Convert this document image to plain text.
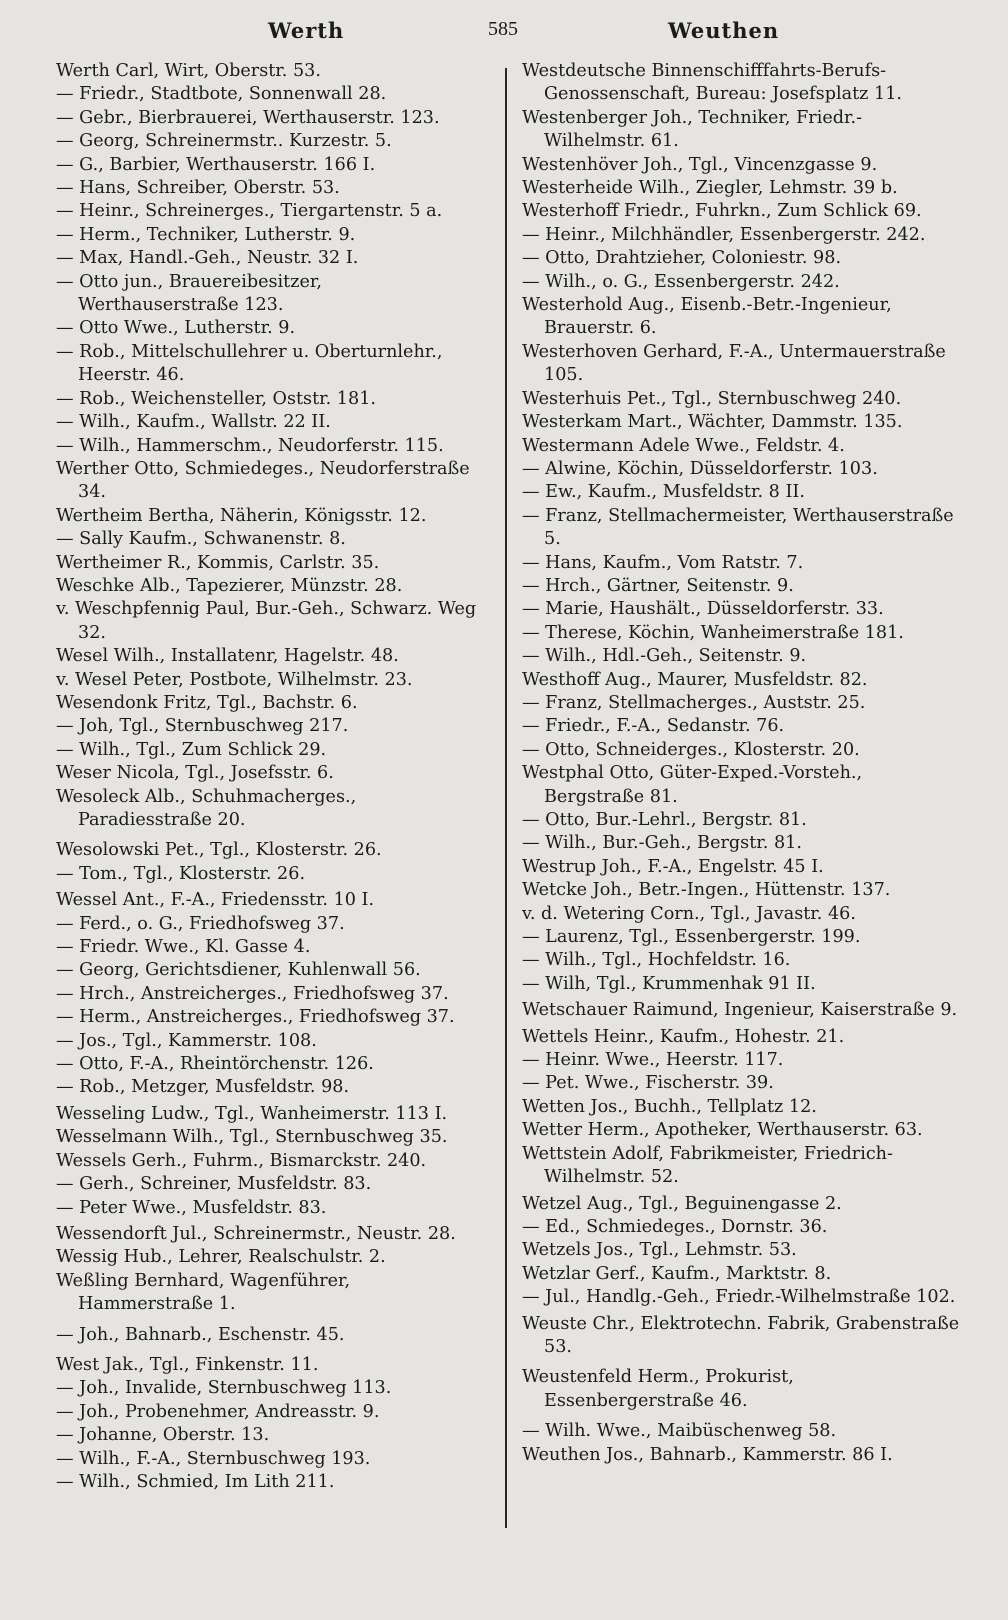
Werth	585	Weuthen

Werth Carl, Wirt, Oberstr. 53.

— Friedr., Stadtbote, Sonnenwall 28.

— Gebr., Bierbrauerei, Werthauserstr. 123.

— Georg, Schreinermstr.. Kurzestr. 5.

— G., Barbier, Werthauserstr. 166 I.

— Hans, Schreiber, Oberstr. 53.

— Heinr., Schreinerges., Tiergartenstr. 5 a.

— Herm., Techniker, Lutherstr. 9.

— Max, Handl.-Geh., Neustr. 32 I.

— Otto jun., Brauereibesitzer, Werthauserstraße 123.

— Otto Wwe., Lutherstr. 9.

— Rob., Mittelschullehrer u. Oberturnlehr., Heerstr. 46.

— Rob., Weichensteller, Oststr. 181.

— Wilh., Kaufm., Wallstr. 22 II.

— Wilh., Hammerschm., Neudorferstr. 115.

Werther Otto, Schmiedeges., Neudorferstraße 34.

Wertheim Bertha, Näherin, Königsstr. 12.

— Sally Kaufm., Schwanenstr. 8.

Wertheimer R., Kommis, Carlstr. 35.

Weschke Alb., Tapezierer, Münzstr. 28.

v. Weschpfennig Paul, Bur.-Geh., Schwarz. Weg 32.

Wesel Wilh., Installatenr, Hagelstr. 48.

v. Wesel Peter, Postbote, Wilhelmstr. 23.

Wesendonk Fritz, Tgl., Bachstr. 6.

— Joh, Tgl., Sternbuschweg 217.

— Wilh., Tgl., Zum Schlick 29.

Weser Nicola, Tgl., Josefsstr. 6.

Wesoleck Alb., Schuhmacherges., Paradiesstraße 20.

Wesolowski Pet., Tgl., Klosterstr. 26.

— Tom., Tgl., Klosterstr. 26.

Wessel Ant., F.-A., Friedensstr. 10 I.

— Ferd., o. G., Friedhofsweg 37.

— Friedr. Wwe., Kl. Gasse 4.

— Georg, Gerichtsdiener, Kuhlenwall 56.

— Hrch., Anstreicherges., Friedhofsweg 37.

— Herm., Anstreicherges., Friedhofsweg 37.

— Jos., Tgl., Kammerstr. 108.

— Otto, F.-A., Rheintörchenstr. 126.

— Rob., Metzger, Musfeldstr. 98.

Wesseling Ludw., Tgl., Wanheimerstr. 113 I.

Wesselmann Wilh., Tgl., Sternbuschweg 35.

Wessels Gerh., Fuhrm., Bismarckstr. 240.

— Gerh., Schreiner, Musfeldstr. 83.

— Peter Wwe., Musfeldstr. 83.

Wessendorft Jul., Schreinermstr., Neustr. 28.

Wessig Hub., Lehrer, Realschulstr. 2.

Weßling Bernhard, Wagenführer, Hammerstraße 1.

— Joh., Bahnarb., Eschenstr. 45.

West Jak., Tgl., Finkenstr. 11.

— Joh., Invalide, Sternbuschweg 113.

— Joh., Probenehmer, Andreasstr. 9.

— Johanne, Oberstr. 13.

— Wilh., F.-A., Sternbuschweg 193.

— Wilh., Schmied, Im Lith 211.

Westdeutsche Binnenschifffahrts-Berufs-Genossenschaft, Bureau: Josefsplatz 11.

Westenberger Joh., Techniker, Friedr.-Wilhelmstr. 61.

Westenhöver Joh., Tgl., Vincenzgasse 9.

Westerheide Wilh., Ziegler, Lehmstr. 39 b.

Westerhoff Friedr., Fuhrkn., Zum Schlick 69.

— Heinr., Milchhändler, Essenbergerstr. 242.

— Otto, Drahtzieher, Coloniestr. 98.

— Wilh., o. G., Essenbergerstr. 242.

Westerhold Aug., Eisenb.-Betr.-Ingenieur, Brauerstr. 6.

Westerhoven Gerhard, F.-A., Untermauerstraße 105.

Westerhuis Pet., Tgl., Sternbuschweg 240.

Westerkam Mart., Wächter, Dammstr. 135.

Westermann Adele Wwe., Feldstr. 4.

— Alwine, Köchin, Düsseldorferstr. 103.

— Ew., Kaufm., Musfeldstr. 8 II.

— Franz, Stellmachermeister, Werthauserstraße 5.

— Hans, Kaufm., Vom Ratstr. 7.

— Hrch., Gärtner, Seitenstr. 9.

— Marie, Haushält., Düsseldorferstr. 33.

— Therese, Köchin, Wanheimerstraße 181.

— Wilh., Hdl.-Geh., Seitenstr. 9.

Westhoff Aug., Maurer, Musfeldstr. 82.

— Franz, Stellmacherges., Auststr. 25.

— Friedr., F.-A., Sedanstr. 76.

— Otto, Schneiderges., Klosterstr. 20.

Westphal Otto, Güter-Exped.-Vorsteh., Bergstraße 81.

— Otto, Bur.-Lehrl., Bergstr. 81.

— Wilh., Bur.-Geh., Bergstr. 81.

Westrup Joh., F.-A., Engelstr. 45 I.

Wetcke Joh., Betr.-Ingen., Hüttenstr. 137.

v. d. Wetering Corn., Tgl., Javastr. 46.

— Laurenz, Tgl., Essenbergerstr. 199.

— Wilh., Tgl., Hochfeldstr. 16.

— Wilh, Tgl., Krummenhak 91 II.

Wetschauer Raimund, Ingenieur, Kaiserstraße 9.

Wettels Heinr., Kaufm., Hohestr. 21.

— Heinr. Wwe., Heerstr. 117.

— Pet. Wwe., Fischerstr. 39.

Wetten Jos., Buchh., Tellplatz 12.

Wetter Herm., Apotheker, Werthauserstr. 63.

Wettstein Adolf, Fabrikmeister, Friedrich-Wilhelmstr. 52.

Wetzel Aug., Tgl., Beguinengasse 2.

— Ed., Schmiedeges., Dornstr. 36.

Wetzels Jos., Tgl., Lehmstr. 53.

Wetzlar Gerf., Kaufm., Marktstr. 8.

— Jul., Handlg.-Geh., Friedr.-Wilhelmstraße 102.

Weuste Chr., Elektrotechn. Fabrik, Grabenstraße 53.

Weustenfeld Herm., Prokurist, Essenbergerstraße 46.

— Wilh. Wwe., Maibüschenweg 58.

Weuthen Jos., Bahnarb., Kammerstr. 86 I.
